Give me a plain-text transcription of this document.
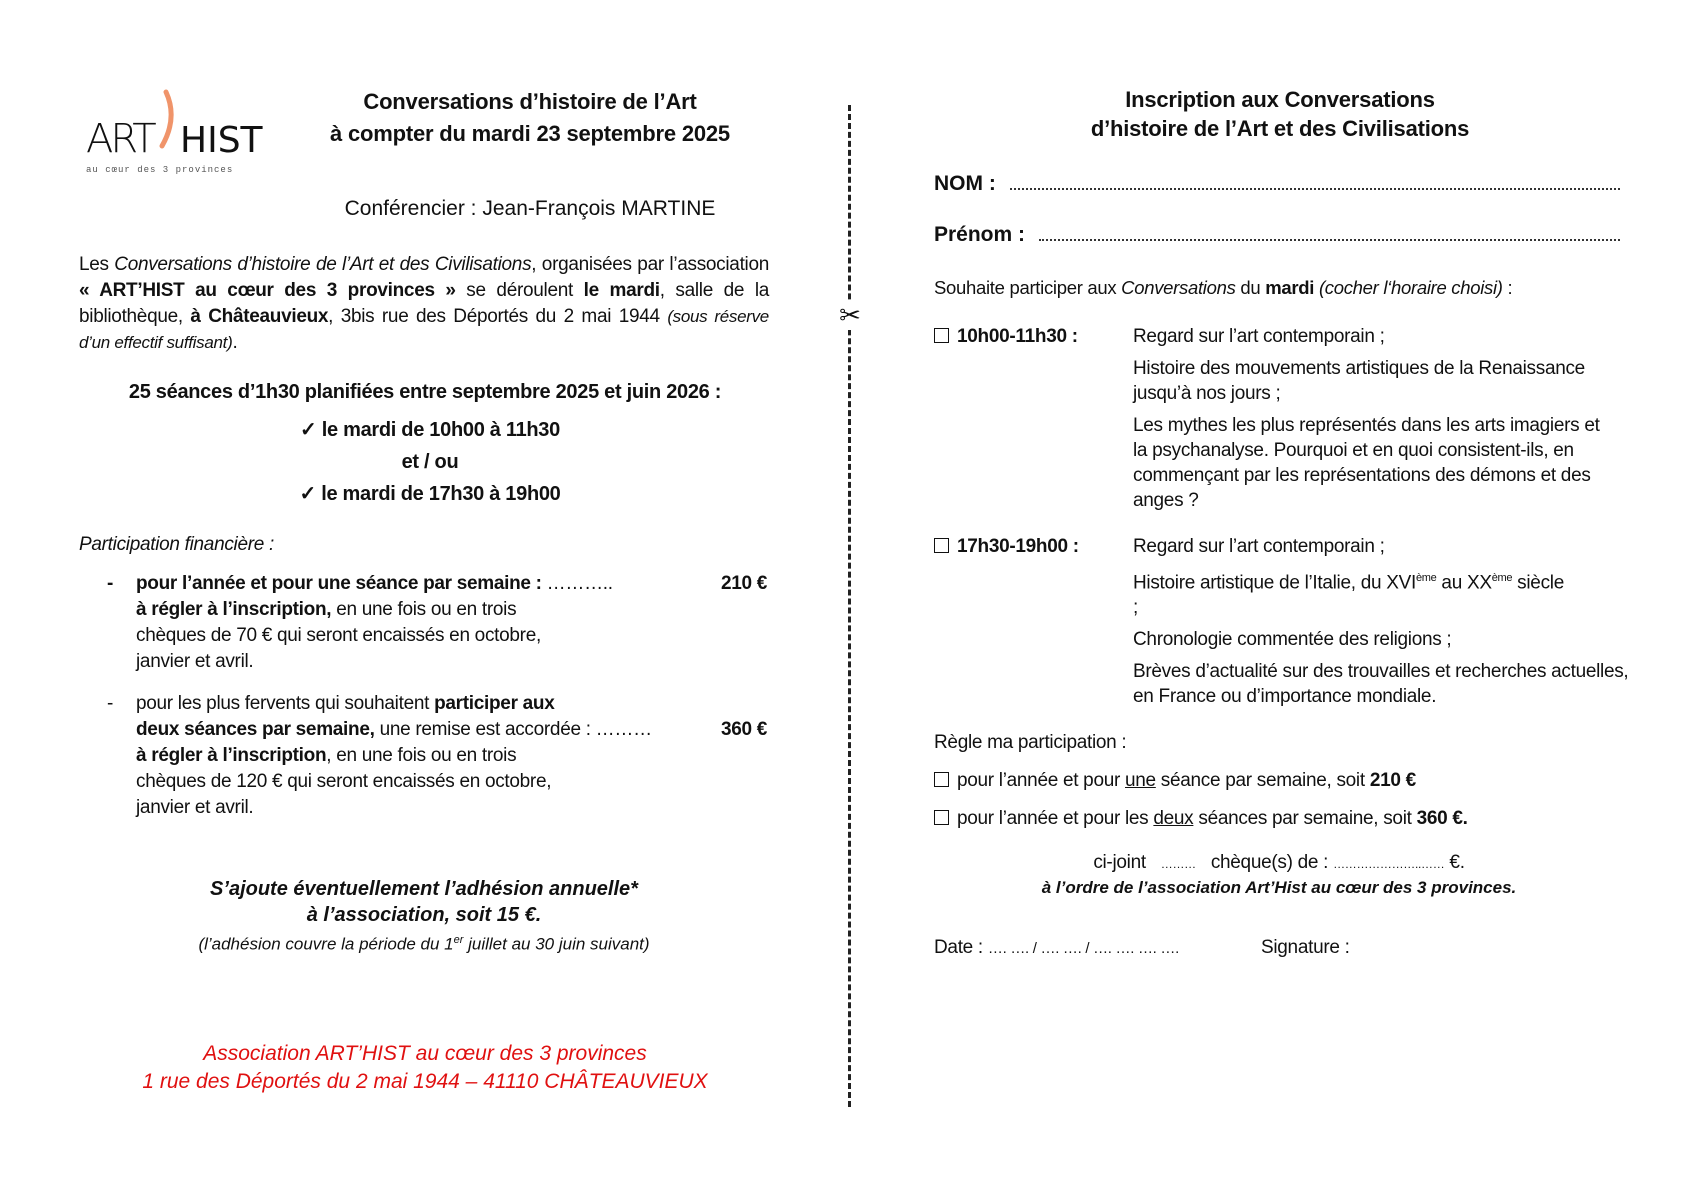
ART HIST
au cœur des 3 provinces
Conversations d’histoire de l’Art
à compter du mardi 23 septembre 2025
Conférencier : Jean-François MARTINE
Les Conversations d’histoire de l’Art et des Civilisations, organisées par l’association « ART’HIST au cœur des 3 provinces » se déroulent le mardi, salle de la bibliothèque, à Châteauvieux, 3bis rue des Déportés du 2 mai 1944 (sous réserve d’un effectif suffisant).
25 séances d’1h30 planifiées entre septembre 2025 et juin 2026 :
✓ le mardi de 10h00 à 11h30
et / ou
✓ le mardi de 17h30 à 19h00
Participation financière :
- pour l’année et pour une séance par semaine : ………..	210 €
à régler à l’inscription, en une fois ou en trois
chèques de 70 € qui seront encaissés en octobre,
janvier et avril.
- pour les plus fervents qui souhaitent participer aux
deux séances par semaine, une remise est accordée : ………	360 €
à régler à l’inscription, en une fois ou en trois
chèques de 120 € qui seront encaissés en octobre,
janvier et avril.
S’ajoute éventuellement l’adhésion annuelle*
à l’association, soit 15 €.
(l’adhésion couvre la période du 1er juillet au 30 juin suivant)
Association ART’HIST au cœur des 3 provinces
1 rue des Déportés du 2 mai 1944 – 41110 CHÂTEAUVIEUX
✂
Inscription aux Conversations
d’histoire de l’Art et des Civilisations
NOM :
Prénom :
Souhaite participer aux Conversations du mardi (cocher l‘horaire choisi) :
10h00-11h30 :	Regard sur l’art contemporain ;
Histoire des mouvements artistiques de la Renaissance jusqu’à nos jours ;
Les mythes les plus représentés dans les arts imagiers et la psychanalyse. Pourquoi et en quoi consistent-ils, en commençant par les représentations des démons et des anges ?
17h30-19h00 :	Regard sur l’art contemporain ;
Histoire artistique de l’Italie, du XVIème au XXème siècle ;
Chronologie commentée des religions ;
Brèves d’actualité sur des trouvailles et recherches actuelles, en France ou d’importance mondiale.
Règle ma participation :
pour l’année et pour une séance par semaine, soit 210 €
pour l’année et pour les deux séances par semaine, soit 360 €.
ci-joint ……… chèque(s) de : …………………..…… €.
à l’ordre de l’association Art’Hist au cœur des 3 provinces.
Date : …. …. / …. …. / …. …. …. ….	Signature :
